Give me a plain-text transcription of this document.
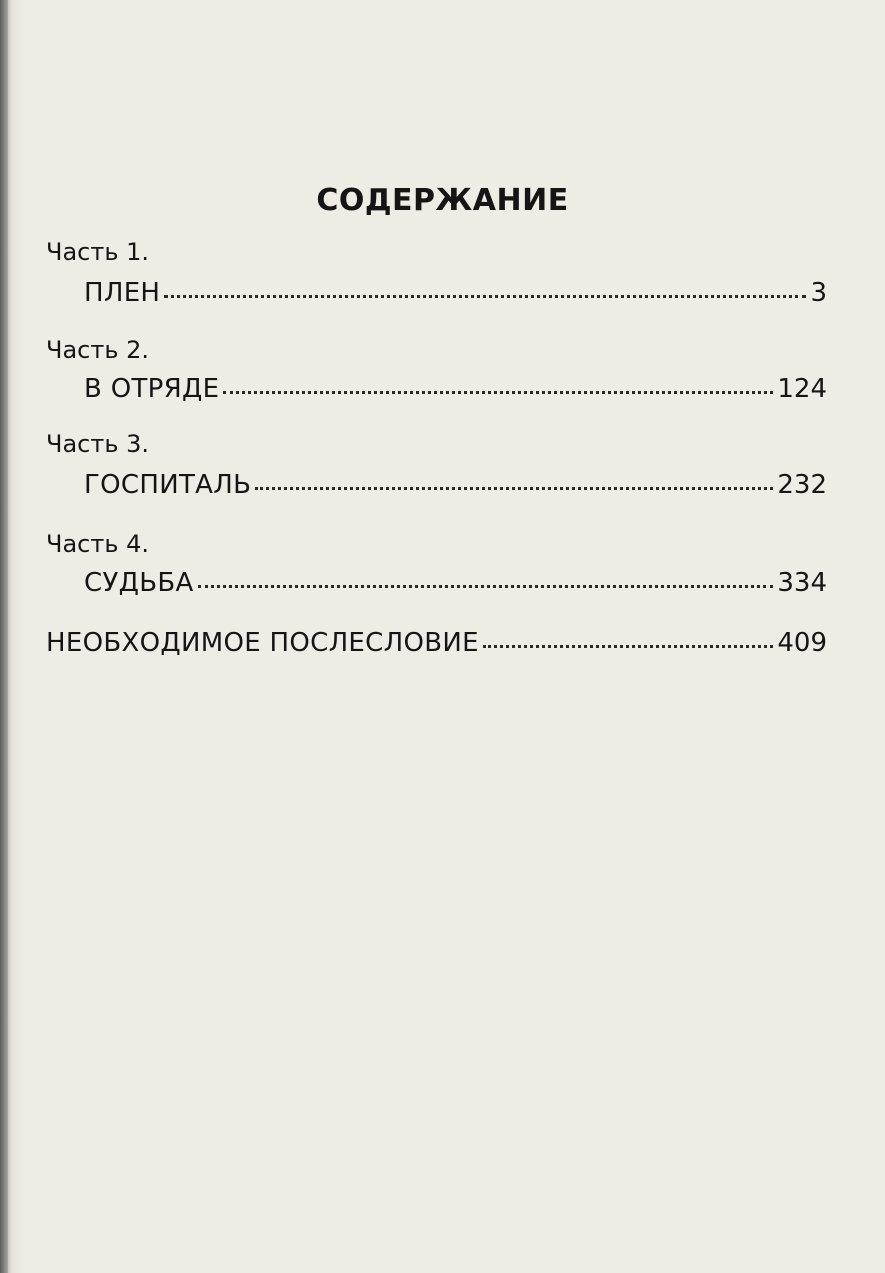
СОДЕРЖАНИЕ
Часть 1.
ПЛЕН	3
Часть 2.
В ОТРЯДЕ	124
Часть 3.
ГОСПИТАЛЬ	232
Часть 4.
СУДЬБА	334
НЕОБХОДИМОЕ ПОСЛЕСЛОВИЕ	409
